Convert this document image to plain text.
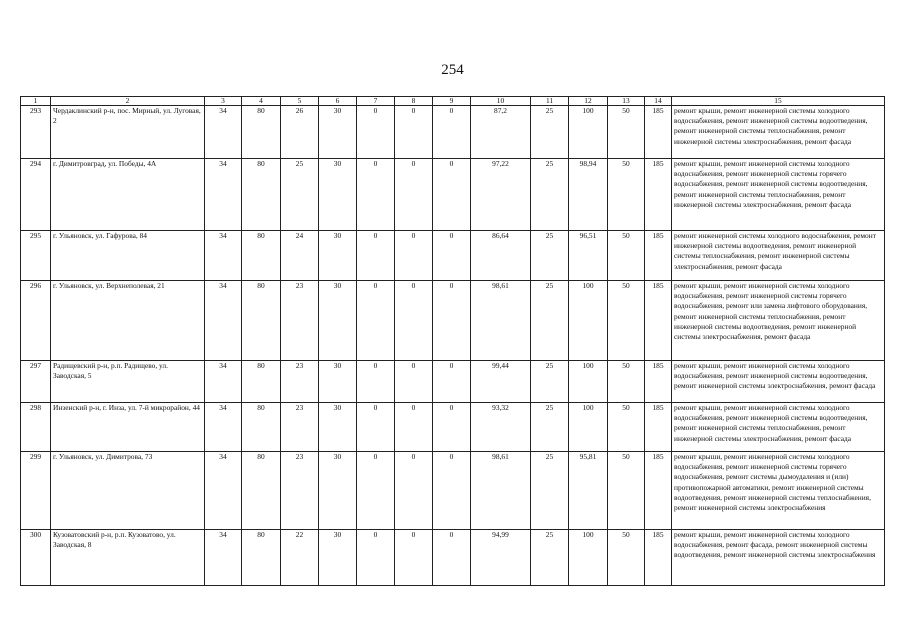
254
1	2	3	4	5	6	7	8	9	10	11	12	13	14	15
293	Чердаклинский р-н, пос. Мирный, ул. Луговая, 2	34	80	26	30	0	0	0	87,2	25	100	50	185	ремонт крыши, ремонт инженерной системы холодного водоснабжения, ремонт инженерной системы водоотведения, ремонт инженерной системы теплоснабжения, ремонт инженерной системы электроснабжения, ремонт фасада
294	г. Димитровград, ул. Победы, 4А	34	80	25	30	0	0	0	97,22	25	98,94	50	185	ремонт крыши, ремонт инженерной системы холодного водоснабжения, ремонт инженерной системы горячего водоснабжения, ремонт инженерной системы водоотведения, ремонт инженерной системы теплоснабжения, ремонт инженерной системы электроснабжения, ремонт фасада
295	г. Ульяновск, ул. Гафурова, 84	34	80	24	30	0	0	0	86,64	25	96,51	50	185	ремонт инженерной системы холодного водоснабжения, ремонт инженерной системы водоотведения, ремонт инженерной системы теплоснабжения, ремонт инженерной системы электроснабжения, ремонт фасада
296	г. Ульяновск, ул. Верхнеполевая, 21	34	80	23	30	0	0	0	98,61	25	100	50	185	ремонт крыши, ремонт инженерной системы холодного водоснабжения, ремонт инженерной системы горячего водоснабжения, ремонт или замена лифтового оборудования, ремонт инженерной системы теплоснабжения, ремонт инженерной системы водоотведения, ремонт инженерной системы электроснабжения, ремонт фасада
297	Радищевский р-н, р.п. Радищево, ул. Заводская, 5	34	80	23	30	0	0	0	99,44	25	100	50	185	ремонт крыши, ремонт инженерной системы холодного водоснабжения, ремонт инженерной системы водоотведения, ремонт инженерной системы электроснабжения, ремонт фасада
298	Инзенский р-н, г. Инза, ул. 7-й микрорайон, 44	34	80	23	30	0	0	0	93,32	25	100	50	185	ремонт крыши, ремонт инженерной системы холодного водоснабжения, ремонт инженерной системы водоотведения, ремонт инженерной системы теплоснабжения, ремонт инженерной системы электроснабжения, ремонт фасада
299	г. Ульяновск, ул. Димитрова, 73	34	80	23	30	0	0	0	98,61	25	95,81	50	185	ремонт крыши, ремонт инженерной системы холодного водоснабжения, ремонт инженерной системы горячего водоснабжения, ремонт системы дымоудаления и (или) противопожарной автоматики, ремонт инженерной системы водоотведения, ремонт инженерной системы теплоснабжения, ремонт инженерной системы электроснабжения
300	Кузоватовский р-н, р.п. Кузоватово, ул. Заводская, 8	34	80	22	30	0	0	0	94,99	25	100	50	185	ремонт крыши, ремонт инженерной системы холодного водоснабжения, ремонт фасада, ремонт инженерной системы водоотведения, ремонт инженерной системы электроснабжения
